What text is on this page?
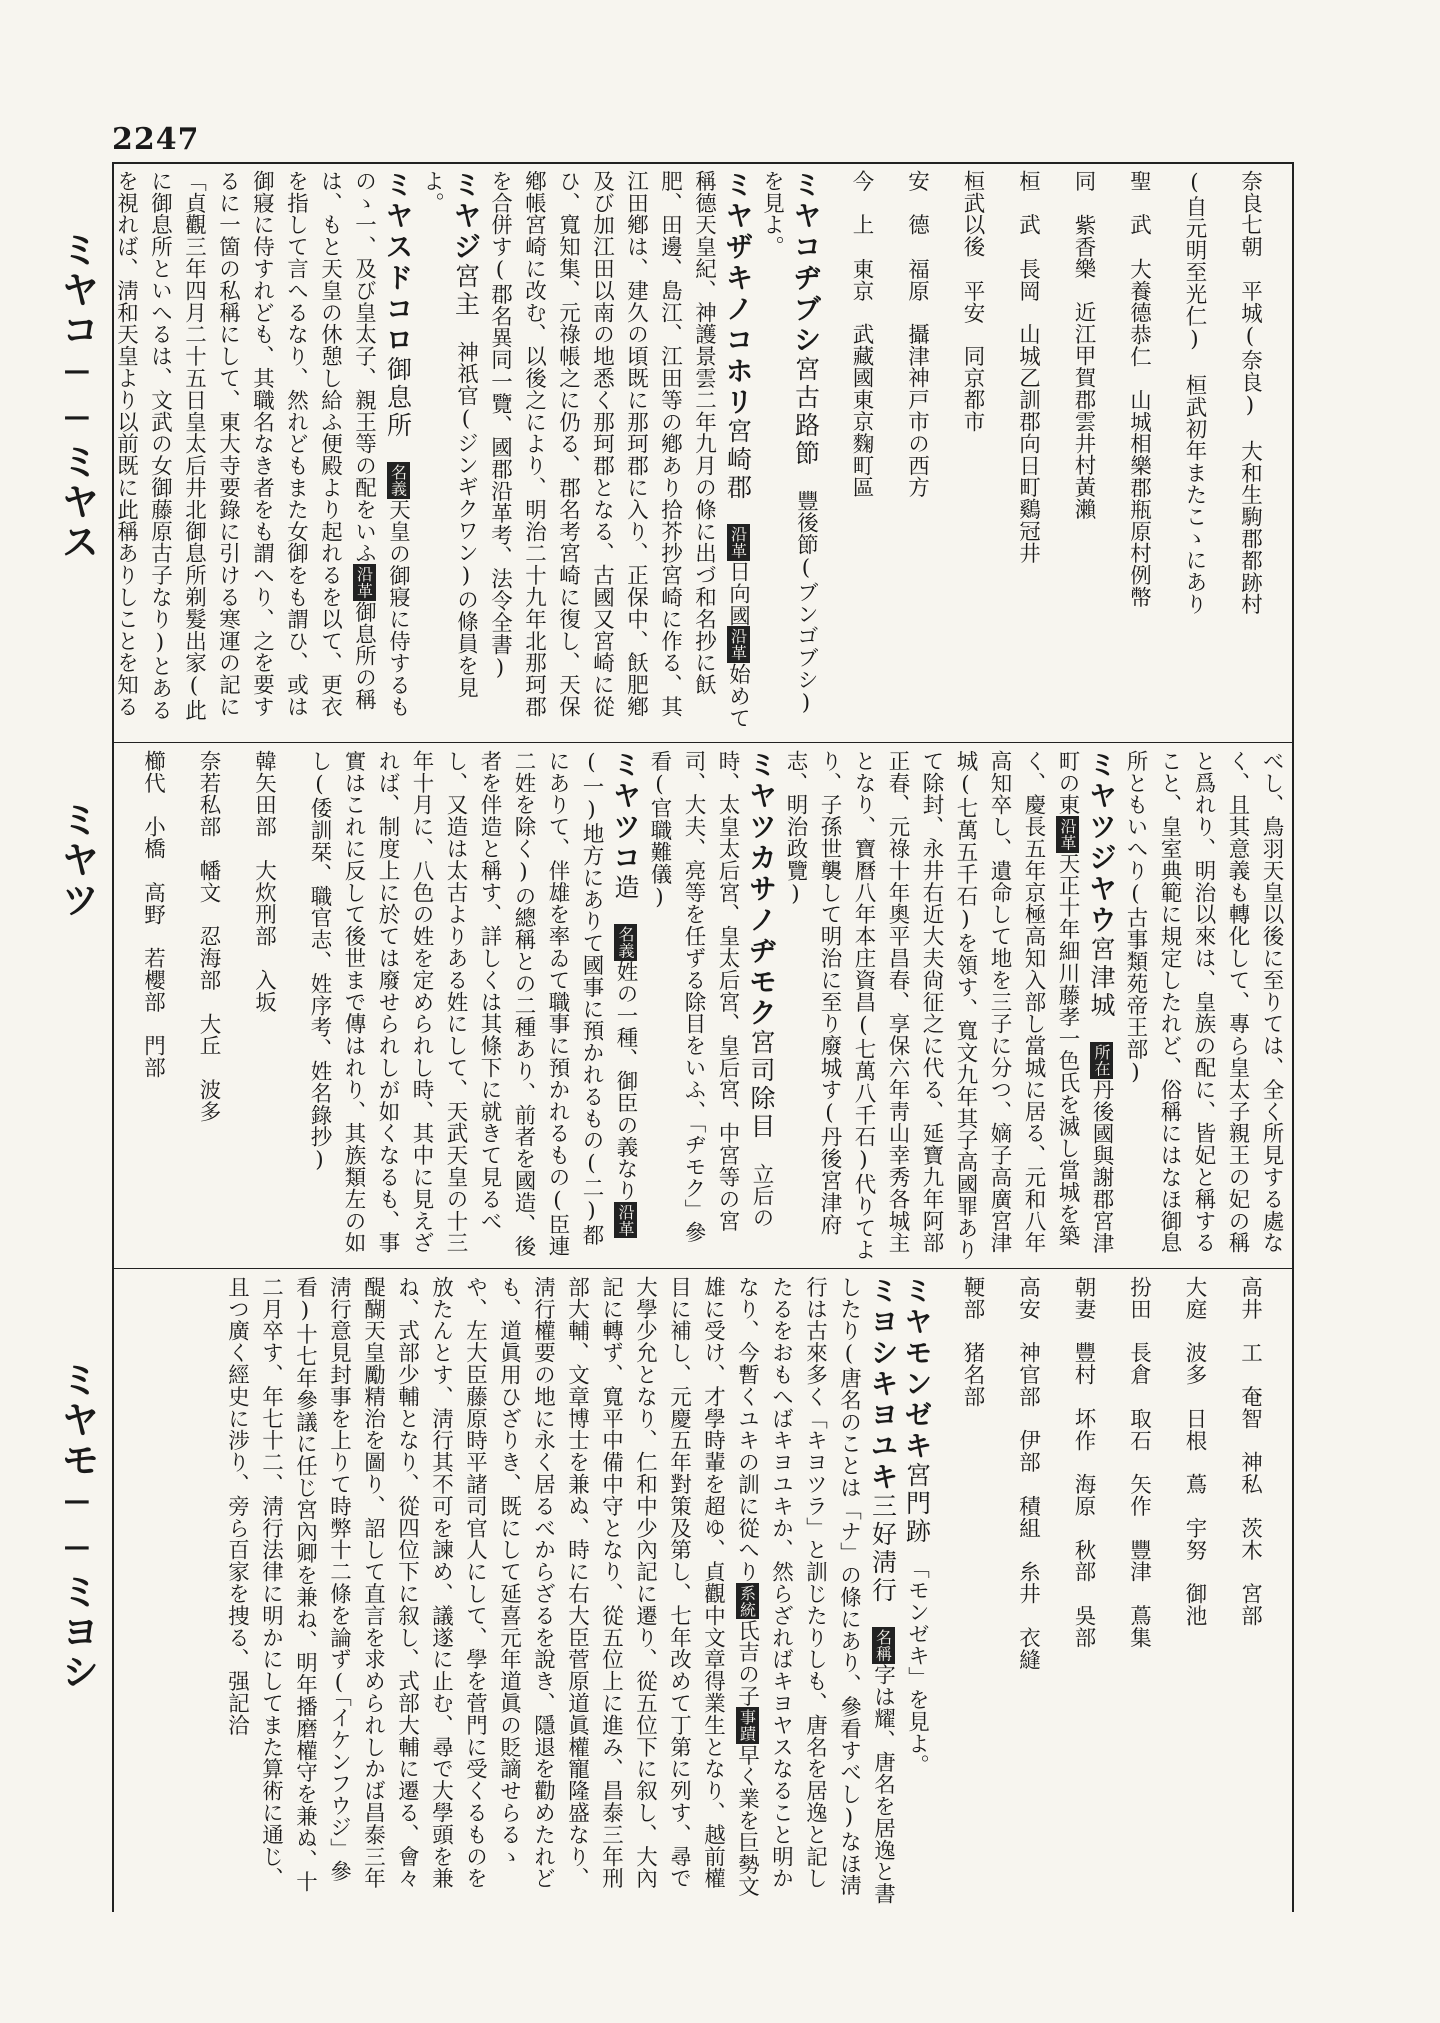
2247
ミヤコ──ミヤス
ミヤツ
ミヤモ──ミヨシ

奈良七朝　平城(奈良)　大和生駒郡都跡村

(自元明至光仁)　桓武初年またこゝにあり

聖　武　大養德恭仁　山城相樂郡瓶原村例幣

同　紫香樂　近江甲賀郡雲井村黃瀨

桓　武　長岡　山城乙訓郡向日町鷄冠井

桓武以後　平安　同京都市

安　德　福原　攝津神戸市の西方

今　上　東京　武藏國東京麴町區

ミヤコヂブシ宮古路節　豐後節(ブンゴブシ)を見よ。

ミヤザキノコホリ宮崎郡　沿革日向國沿革始めて稱德天皇紀、神護景雲二年九月の條に出づ和名抄に飫肥、田邊、島江、江田等の鄕あり拾芥抄宮崎に作る、其江田鄕は、建久の頃既に那珂郡に入り、正保中、飫肥鄕及び加江田以南の地悉く那珂郡となる、古國又宮崎に從ひ、寬知集、元祿帳之に仍る、郡名考宮崎に復し、天保鄕帳宮崎に改む、以後之により、明治二十九年北那珂郡を合併す(郡名異同一覽、國郡沿革考、法令全書)

ミヤジ宮主　神祇官(ジンギクワン)の條員を見よ。

ミヤスドコロ御息所　名義天皇の御寢に侍するものゝ一、及び皇太子、親王等の配をいふ沿革御息所の稱は、もと天皇の休憩し給ふ便殿より起れるを以て、更衣を指して言へるなり、然れどもまた女御をも謂ひ、或は御寢に侍すれども、其職名なき者をも謂へり、之を要するに一箇の私稱にして、東大寺要錄に引ける寒運の記に「貞觀三年四月二十五日皇太后井北御息所剃髮出家(此に御息所といへるは、文武の女御藤原古子なり)とあるを視れば、淸和天皇より以前既に此稱ありしことを知る

べし、鳥羽天皇以後に至りては、全く所見する處なく、且其意義も轉化して、專ら皇太子親王の妃の稱と爲れり、明治以來は、皇族の配に、皆妃と稱すること、皇室典範に規定したれど、俗稱にはなほ御息所ともいへり(古事類苑帝王部)

ミヤツジヤウ宮津城　所在丹後國與謝郡宮津町の東沿革天正十年細川藤孝一色氏を滅し當城を築く、慶長五年京極高知入部し當城に居る、元和八年高知卒し、遺命して地を三子に分つ、嫡子高廣宮津城(七萬五千石)を領す、寬文九年其子高國罪ありて除封、永井右近大夫尙征之に代る、延寶九年阿部正春、元祿十年奧平昌春、享保六年靑山幸秀各城主となり、寶曆八年本庄資昌(七萬八千石)代りてより、子孫世襲して明治に至り廢城す(丹後宮津府志、明治政覽)

ミヤツカサノヂモク宮司除目　立后の時、太皇太后宮、皇太后宮、皇后宮、中宮等の宮司、大夫、亮等を任ずる除目をいふ、「ヂモク」參看(官職難儀)

ミヤツコ造　名義姓の一種、御臣の義なり沿革(一)地方にありて國事に預かれるもの(二)都にありて、伴雄を率ゐて職事に預かれるもの(臣連二姓を除く)の總稱との二種あり、前者を國造、後者を伴造と稱す、詳しくは其條下に就きて見るべし、又造は太古よりある姓にして、天武天皇の十三年十月に、八色の姓を定められし時、其中に見えざれば、制度上に於ては廢せられしが如くなるも、事實はこれに反して後世まで傳はれり、其族類左の如し(倭訓栞、職官志、姓序考、姓名錄抄)

韓矢田部　大炊刑部　入坂

奈若私部　幡文　忍海部　大丘　波多

櫛代　小橋　高野　若櫻部　門部

高井　工　奄智　神私　茨木　宮部

大庭　波多　日根　蔦　宇努　御池

扮田　長倉　取石　矢作　豐津　蔦集

朝妻　豐村　坏作　海原　秋部　吳部

高安　神官部　伊部　積組　糸井　衣縫

鞕部　猪名部

ミヤモンゼキ宮門跡　「モンゼキ」を見よ。

ミヨシキヨユキ三好淸行　名稱字は耀、唐名を居逸と書したり(唐名のことは「ナ」の條にあり、參看すべし)なほ淸行は古來多く「キヨツラ」と訓じたりしも、唐名を居逸と記したるをおもへばキヨユキか、然らざればキヨヤスなること明かなり、今暫くユキの訓に從へり系統氏吉の子事蹟早く業を巨勢文雄に受け、才學時輩を超ゆ、貞觀中文章得業生となり、越前權目に補し、元慶五年對策及第し、七年改めて丁第に列す、尋で大學少允となり、仁和中少內記に遷り、從五位下に叙し、大內記に轉ず、寬平中備中守となり、從五位上に進み、昌泰三年刑部大輔、文章博士を兼ぬ、時に右大臣菅原道眞權寵隆盛なり、淸行權要の地に永く居るべからざるを說き、隱退を勸めたれども、道眞用ひざりき、既にして延喜元年道眞の貶謫せらるゝや、左大臣藤原時平諸司官人にして、學を菅門に受くるものを放たんとす、淸行其不可を諫め、議遂に止む、尋で大學頭を兼ね、式部少輔となり、從四位下に叙し、式部大輔に遷る、會々醍醐天皇勵精治を圖り、詔して直言を求められしかば昌泰三年淸行意見封事を上りて時弊十二條を論ず(「イケンフウジ」參看)十七年參議に任じ宮內卿を兼ね、明年播磨權守を兼ぬ、十二月卒す、年七十二、淸行法律に明かにしてまた算術に通じ、且つ廣く經史に涉り、旁ら百家を捜る、强記洽
